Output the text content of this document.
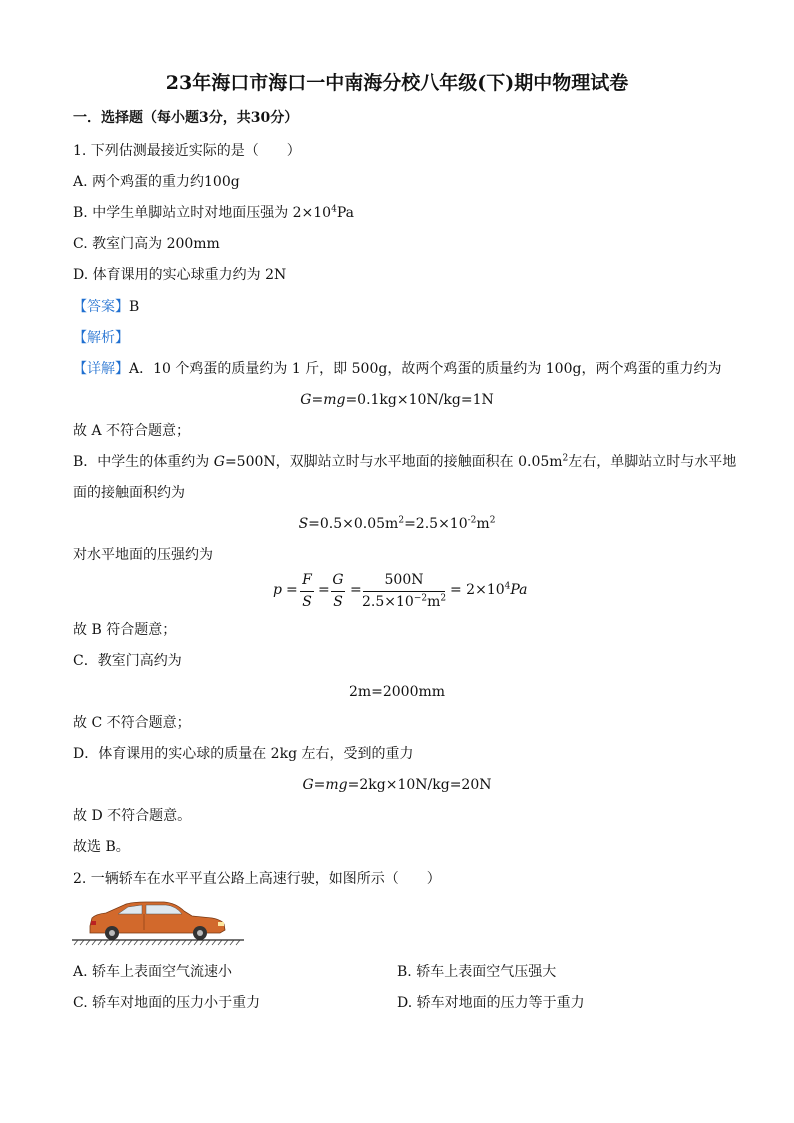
23年海口市海口一中南海分校八年级(下)期中物理试卷
一．选择题（每小题3分，共30分）
1. 下列估测最接近实际的是（　　）
A. 两个鸡蛋的重力约100g
B. 中学生单脚站立时对地面压强为 $2\times 10^4Pa$
C. 教室门高为 200mm
D. 体育课用的实心球重力约为 2N
【答案】B
【解析】
【详解】A．10 个鸡蛋的质量约为 1 斤，即 500g，故两个鸡蛋的质量约为 100g，两个鸡蛋的重力约为
G=mg=0.1kg×10N/kg=1N
故 A 不符合题意；
B．中学生的体重约为 G=500N，双脚站立时与水平地面的接触面积在 $0.05m^2$左右，单脚站立时与水平地
面的接触面积约为
$S=0.5\times 0.05m^2=2.5\times 10^{-2}m^2$
对水平地面的压强约为
p =
F
S
=
G
S
=
500N
$2.5\times 10^{-2}m^2$
= $2\times 10^4Pa$
故 B 符合题意；
C．教室门高约为
2m=2000mm
故 C 不符合题意；
D．体育课用的实心球的质量在 2kg 左右，受到的重力
G=mg=2kg×10N/kg=20N
故 D 不符合题意。
故选 B。
2. 一辆轿车在水平平直公路上高速行驶，如图所示（　　）
A. 轿车上表面空气流速小	B. 轿车上表面空气压强大
C. 轿车对地面的压力小于重力	D. 轿车对地面的压力等于重力
